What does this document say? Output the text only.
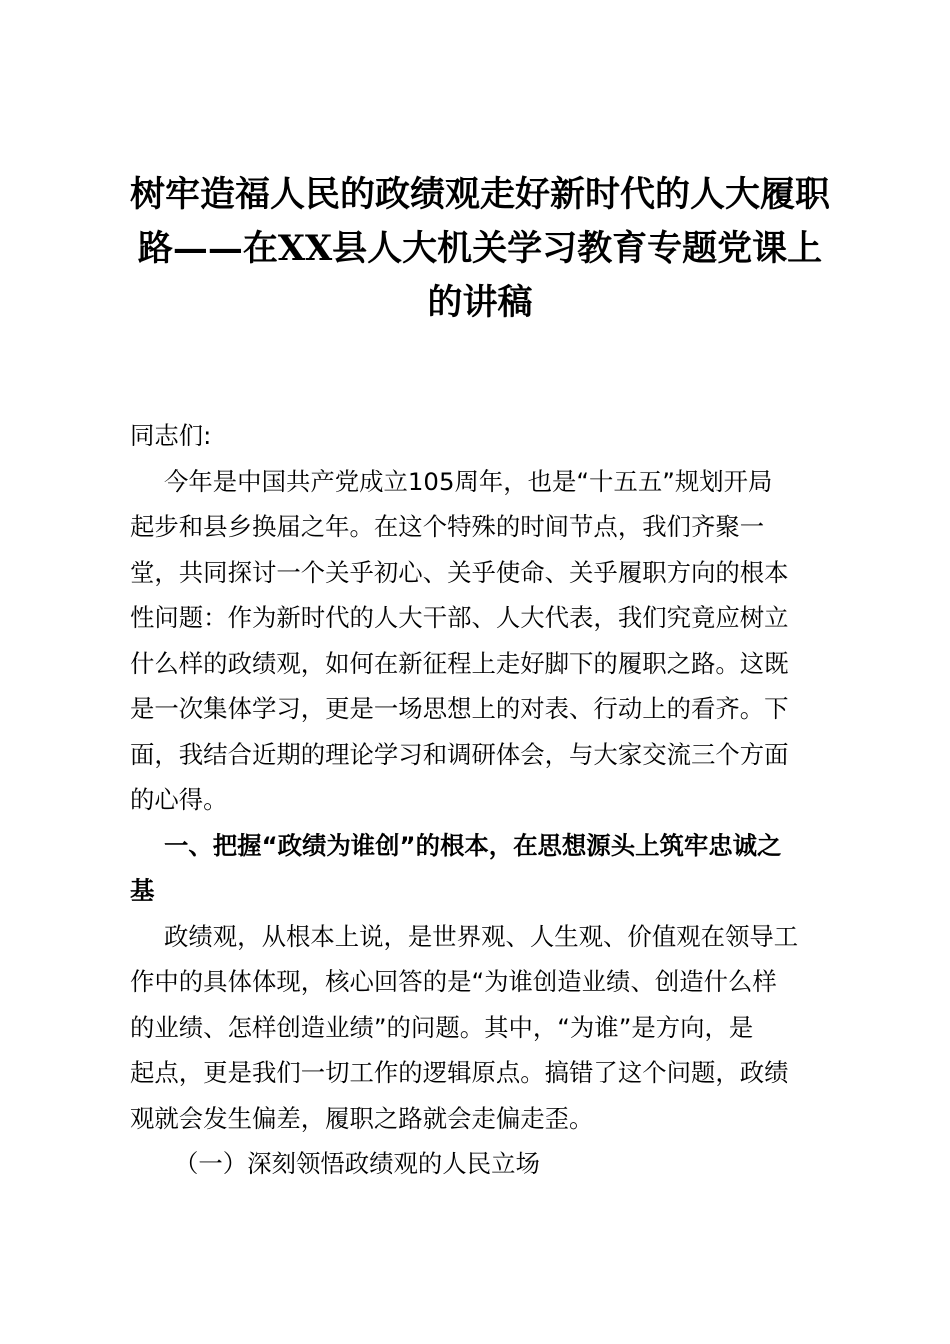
树牢造福人民的政绩观走好新时代的人大履职
路——在XX县人大机关学习教育专题党课上
的讲稿
同志们:
今年是中国共产党成立105周年，也是“十五五”规划开局
起步和县乡换届之年。在这个特殊的时间节点，我们齐聚一
堂，共同探讨一个关乎初心、关乎使命、关乎履职方向的根本
性问题：作为新时代的人大干部、人大代表，我们究竟应树立
什么样的政绩观，如何在新征程上走好脚下的履职之路。这既
是一次集体学习，更是一场思想上的对表、行动上的看齐。下
面，我结合近期的理论学习和调研体会，与大家交流三个方面
的心得。
一、把握“政绩为谁创”的根本，在思想源头上筑牢忠诚之
基
政绩观，从根本上说，是世界观、人生观、价值观在领导工
作中的具体体现，核心回答的是“为谁创造业绩、创造什么样
的业绩、怎样创造业绩”的问题。其中，“为谁”是方向，是
起点，更是我们一切工作的逻辑原点。搞错了这个问题，政绩
观就会发生偏差，履职之路就会走偏走歪。
（一）深刻领悟政绩观的人民立场
